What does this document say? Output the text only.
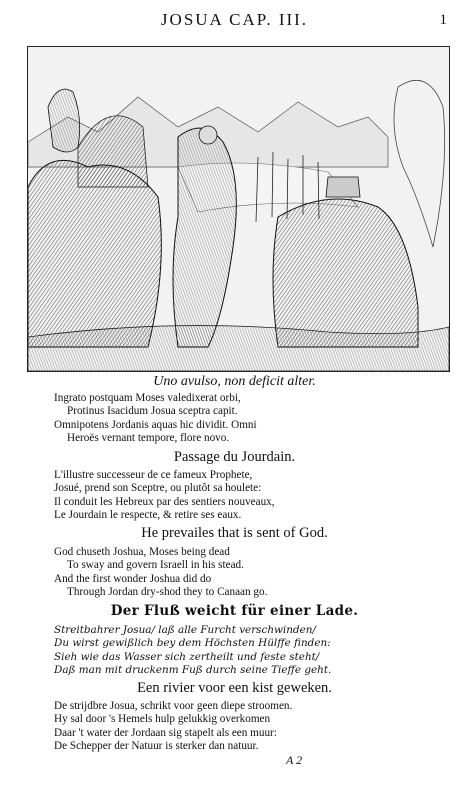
JOSUA CAP. III.	1
Uno avulso, non deficit alter.
Ingrato postquam Moses valedixerat orbi,
Protinus Isacidum Josua sceptra capit.
Omnipotens Jordanis aquas hic dividit. Omni
Heroës vernant tempore, flore novo.
Passage du Jourdain.
L'illustre successeur de ce fameux Prophete,
Josué, prend son Sceptre, ou plutôt sa houlete:
Il conduit les Hebreux par des sentiers nouveaux,
Le Jourdain le respecte, & retire ses eaux.
He prevailes that is sent of God.
God chuseth Joshua, Moses being dead
To sway and govern Israell in his stead.
And the first wonder Joshua did do
Through Jordan dry-shod they to Canaan go.
Der Fluß weicht für einer Lade.
Streitbahrer Josua/ laß alle Furcht verschwinden/
Du wirst gewißlich bey dem Höchsten Hülffe finden:
Sieh wie das Wasser sich zertheilt und feste steht/
Daß man mit druckenm Fuß durch seine Tieffe geht.
Een rivier voor een kist geweken.
De strijdbre Josua, schrikt voor geen diepe stroomen.
Hy sal door 's Hemels hulp gelukkig overkomen
Daar 't water der Jordaan sig stapelt als een muur:
De Schepper der Natuur is sterker dan natuur.
A 2
